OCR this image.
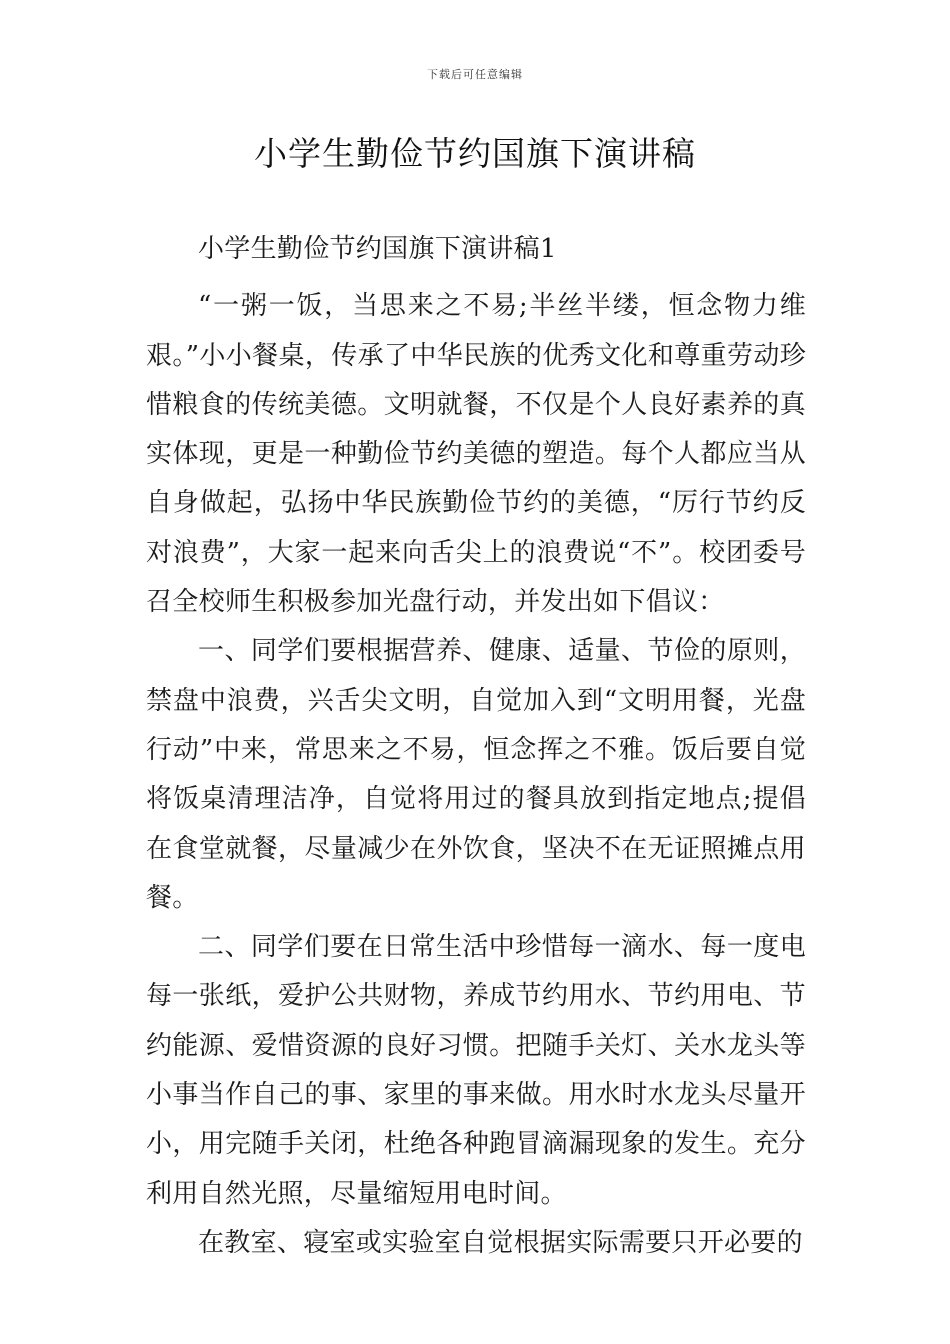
下载后可任意编辑
小学生勤俭节约国旗下演讲稿

小学生勤俭节约国旗下演讲稿1

“一粥一饭，当思来之不易;半丝半缕，恒念物力维艰。”小小餐桌，传承了中华民族的优秀文化和尊重劳动珍惜粮食的传统美德。文明就餐，不仅是个人良好素养的真实体现，更是一种勤俭节约美德的塑造。每个人都应当从自身做起，弘扬中华民族勤俭节约的美德，“厉行节约反对浪费”，大家一起来向舌尖上的浪费说“不”。校团委号召全校师生积极参加光盘行动，并发出如下倡议：

一、同学们要根据营养、健康、适量、节俭的原则，禁盘中浪费，兴舌尖文明，自觉加入到“文明用餐，光盘行动”中来，常思来之不易，恒念挥之不雅。饭后要自觉将饭桌清理洁净，自觉将用过的餐具放到指定地点;提倡在食堂就餐，尽量减少在外饮食，坚决不在无证照摊点用餐。

二、同学们要在日常生活中珍惜每一滴水、每一度电每一张纸，爱护公共财物，养成节约用水、节约用电、节约能源、爱惜资源的良好习惯。把随手关灯、关水龙头等小事当作自己的事、家里的事来做。用水时水龙头尽量开小，用完随手关闭，杜绝各种跑冒滴漏现象的发生。充分利用自然光照，尽量缩短用电时间。

在教室、寝室或实验室自觉根据实际需要只开必要的
